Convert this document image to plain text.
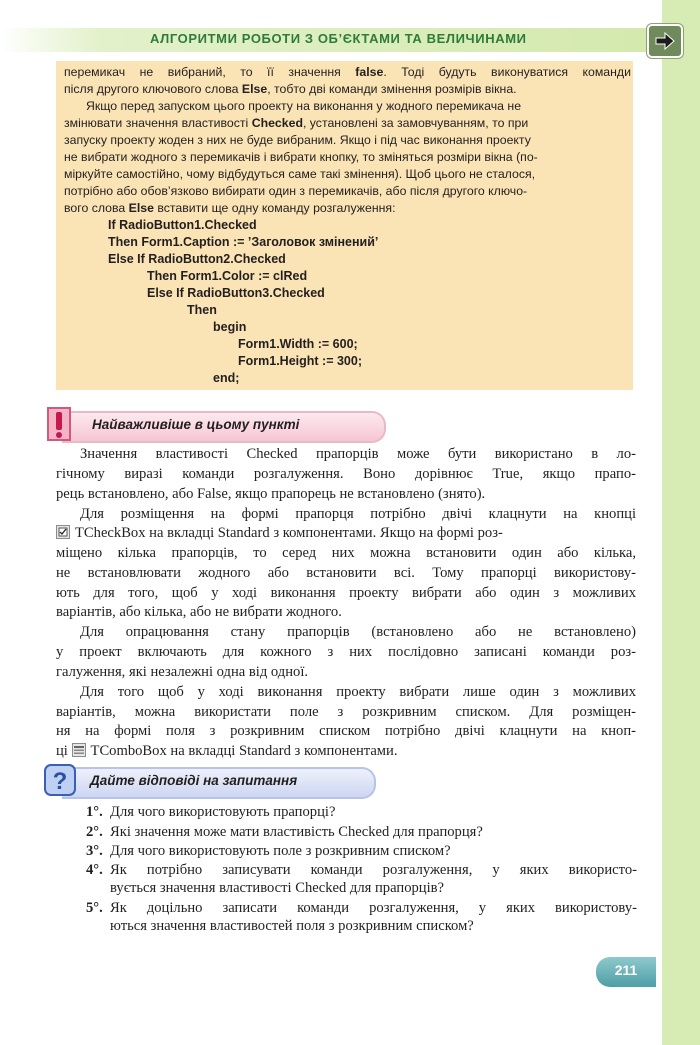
АЛГОРИТМИ РОБОТИ З ОБ’ЄКТАМИ ТА ВЕЛИЧИНАМИ
перемикач не вибраний, то її значення false. Тоді будуть виконуватися команди
після другого ключового слова Else, тобто дві команди змінення розмірів вікна.
Якщо перед запуском цього проекту на виконання у жодного перемикача не
змінювати значення властивості Checked, установлені за замовчуванням, то при
запуску проекту жоден з них не буде вибраним. Якщо і під час виконання проекту
не вибрати жодного з перемикачів і вибрати кнопку, то зміняться розміри вікна (по-
міркуйте самостійно, чому відбудуться саме такі змінення). Щоб цього не сталося,
потрібно або обов’язково вибирати один з перемикачів, або після другого ключо-
вого слова Else вставити ще одну команду розгалуження:
If RadioButton1.Checked
Then Form1.Caption := ’Заголовок змінений’
Else If RadioButton2.Checked
Then Form1.Color := clRed
Else If RadioButton3.Checked
Then
begin
Form1.Width := 600;
Form1.Height := 300;
end;
Найважливіше в цьому пункті
Значення властивості Checked прапорців може бути використано в ло-
гічному виразі команди розгалуження. Воно дорівнює True, якщо прапо-
рець встановлено, або False, якщо прапорець не встановлено (знято).
Для розміщення на формі прапорця потрібно двічі клацнути на кнопці
TCheckBox на вкладці Standard з компонентами. Якщо на формі роз-
міщено кілька прапорців, то серед них можна встановити один або кілька,
не встановлювати жодного або встановити всі. Тому прапорці використову-
ють для того, щоб у ході виконання проекту вибрати або один з можливих
варіантів, або кілька, або не вибрати жодного.
Для опрацювання стану прапорців (встановлено або не встановлено)
у проект включають для кожного з них послідовно записані команди роз-
галуження, які незалежні одна від одної.
Для того щоб у ході виконання проекту вибрати лише один з можливих
варіантів, можна використати поле з розкривним списком. Для розміщен-
ня на формі поля з розкривним списком потрібно двічі клацнути на кноп-
ці TComboBox на вкладці Standard з компонентами.
? Дайте відповіді на запитання
1°. Для чого використовують прапорці?
2°. Які значення може мати властивість Checked для прапорця?
3°. Для чого використовують поле з розкривним списком?
4°. Як потрібно записувати команди розгалуження, у яких використо-
вується значення властивості Checked для прапорців?
5°. Як доцільно записати команди розгалуження, у яких використову-
ються значення властивостей поля з розкривним списком?
211
